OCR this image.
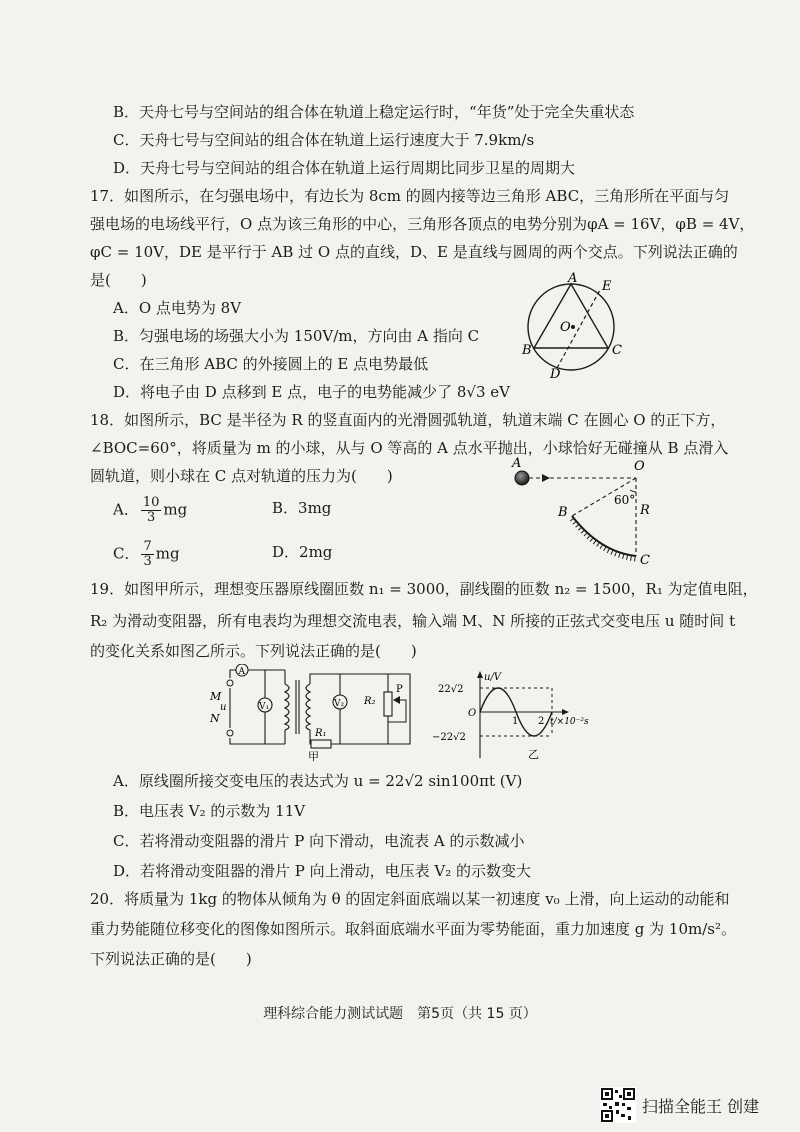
B．天舟七号与空间站的组合体在轨道上稳定运行时，“年货”处于完全失重状态
C．天舟七号与空间站的组合体在轨道上运行速度大于 7.9km/s
D．天舟七号与空间站的组合体在轨道上运行周期比同步卫星的周期大
17．如图所示，在匀强电场中，有边长为 8cm 的圆内接等边三角形 ABC，三角形所在平面与匀
强电场的电场线平行，O 点为该三角形的中心，三角形各顶点的电势分别为φA = 16V，φB = 4V，
φC = 10V，DE 是平行于 AB 过 O 点的直线，D、E 是直线与圆周的两个交点。下列说法正确的
是(　　)
A．O 点电势为 8V
B．匀强电场的场强大小为 150V/m，方向由 A 指向 C
C．在三角形 ABC 的外接圆上的 E 点电势最低
D．将电子由 D 点移到 E 点，电子的电势能减少了 8√3 eV
A
E
O
B	C
D
18．如图所示，BC 是半径为 R 的竖直面内的光滑圆弧轨道，轨道末端 C 在圆心 O 的正下方，
∠BOC=60°，将质量为 m 的小球，从与 O 等高的 A 点水平抛出，小球恰好无碰撞从 B 点滑入
圆轨道，则小球在 C 点对轨道的压力为(　　)
A． $\frac{10}{3}$ mg	B．3mg
C． $\frac{7}{3}$ mg	D．2mg
A	O
60°
B	R
C
19．如图甲所示，理想变压器原线圈匝数 n₁ = 3000，副线圈的匝数 n₂ = 1500，R₁ 为定值电阻，
R₂ 为滑动变阻器，所有电表均为理想交流电表，输入端 M、N 所接的正弦式交变电压 u 随时间 t
的变化关系如图乙所示。下列说法正确的是(　　)
A
V₁
R₁
V₂ R₂
P
M
u
N
甲
u/V
22√2
O
−22√2
1 2 t/×10⁻²s
乙
A．原线圈所接交变电压的表达式为 u = 22√2 sin100πt (V)
B．电压表 V₂ 的示数为 11V
C．若将滑动变阻器的滑片 P 向下滑动，电流表 A 的示数减小
D．若将滑动变阻器的滑片 P 向上滑动，电压表 V₂ 的示数变大
20．将质量为 1kg 的物体从倾角为 θ 的固定斜面底端以某一初速度 v₀ 上滑，向上运动的动能和
重力势能随位移变化的图像如图所示。取斜面底端水平面为零势能面，重力加速度 g 为 10m/s²。
下列说法正确的是(　　)
理科综合能力测试试题　第5页（共 15 页）
扫描全能王 创建
